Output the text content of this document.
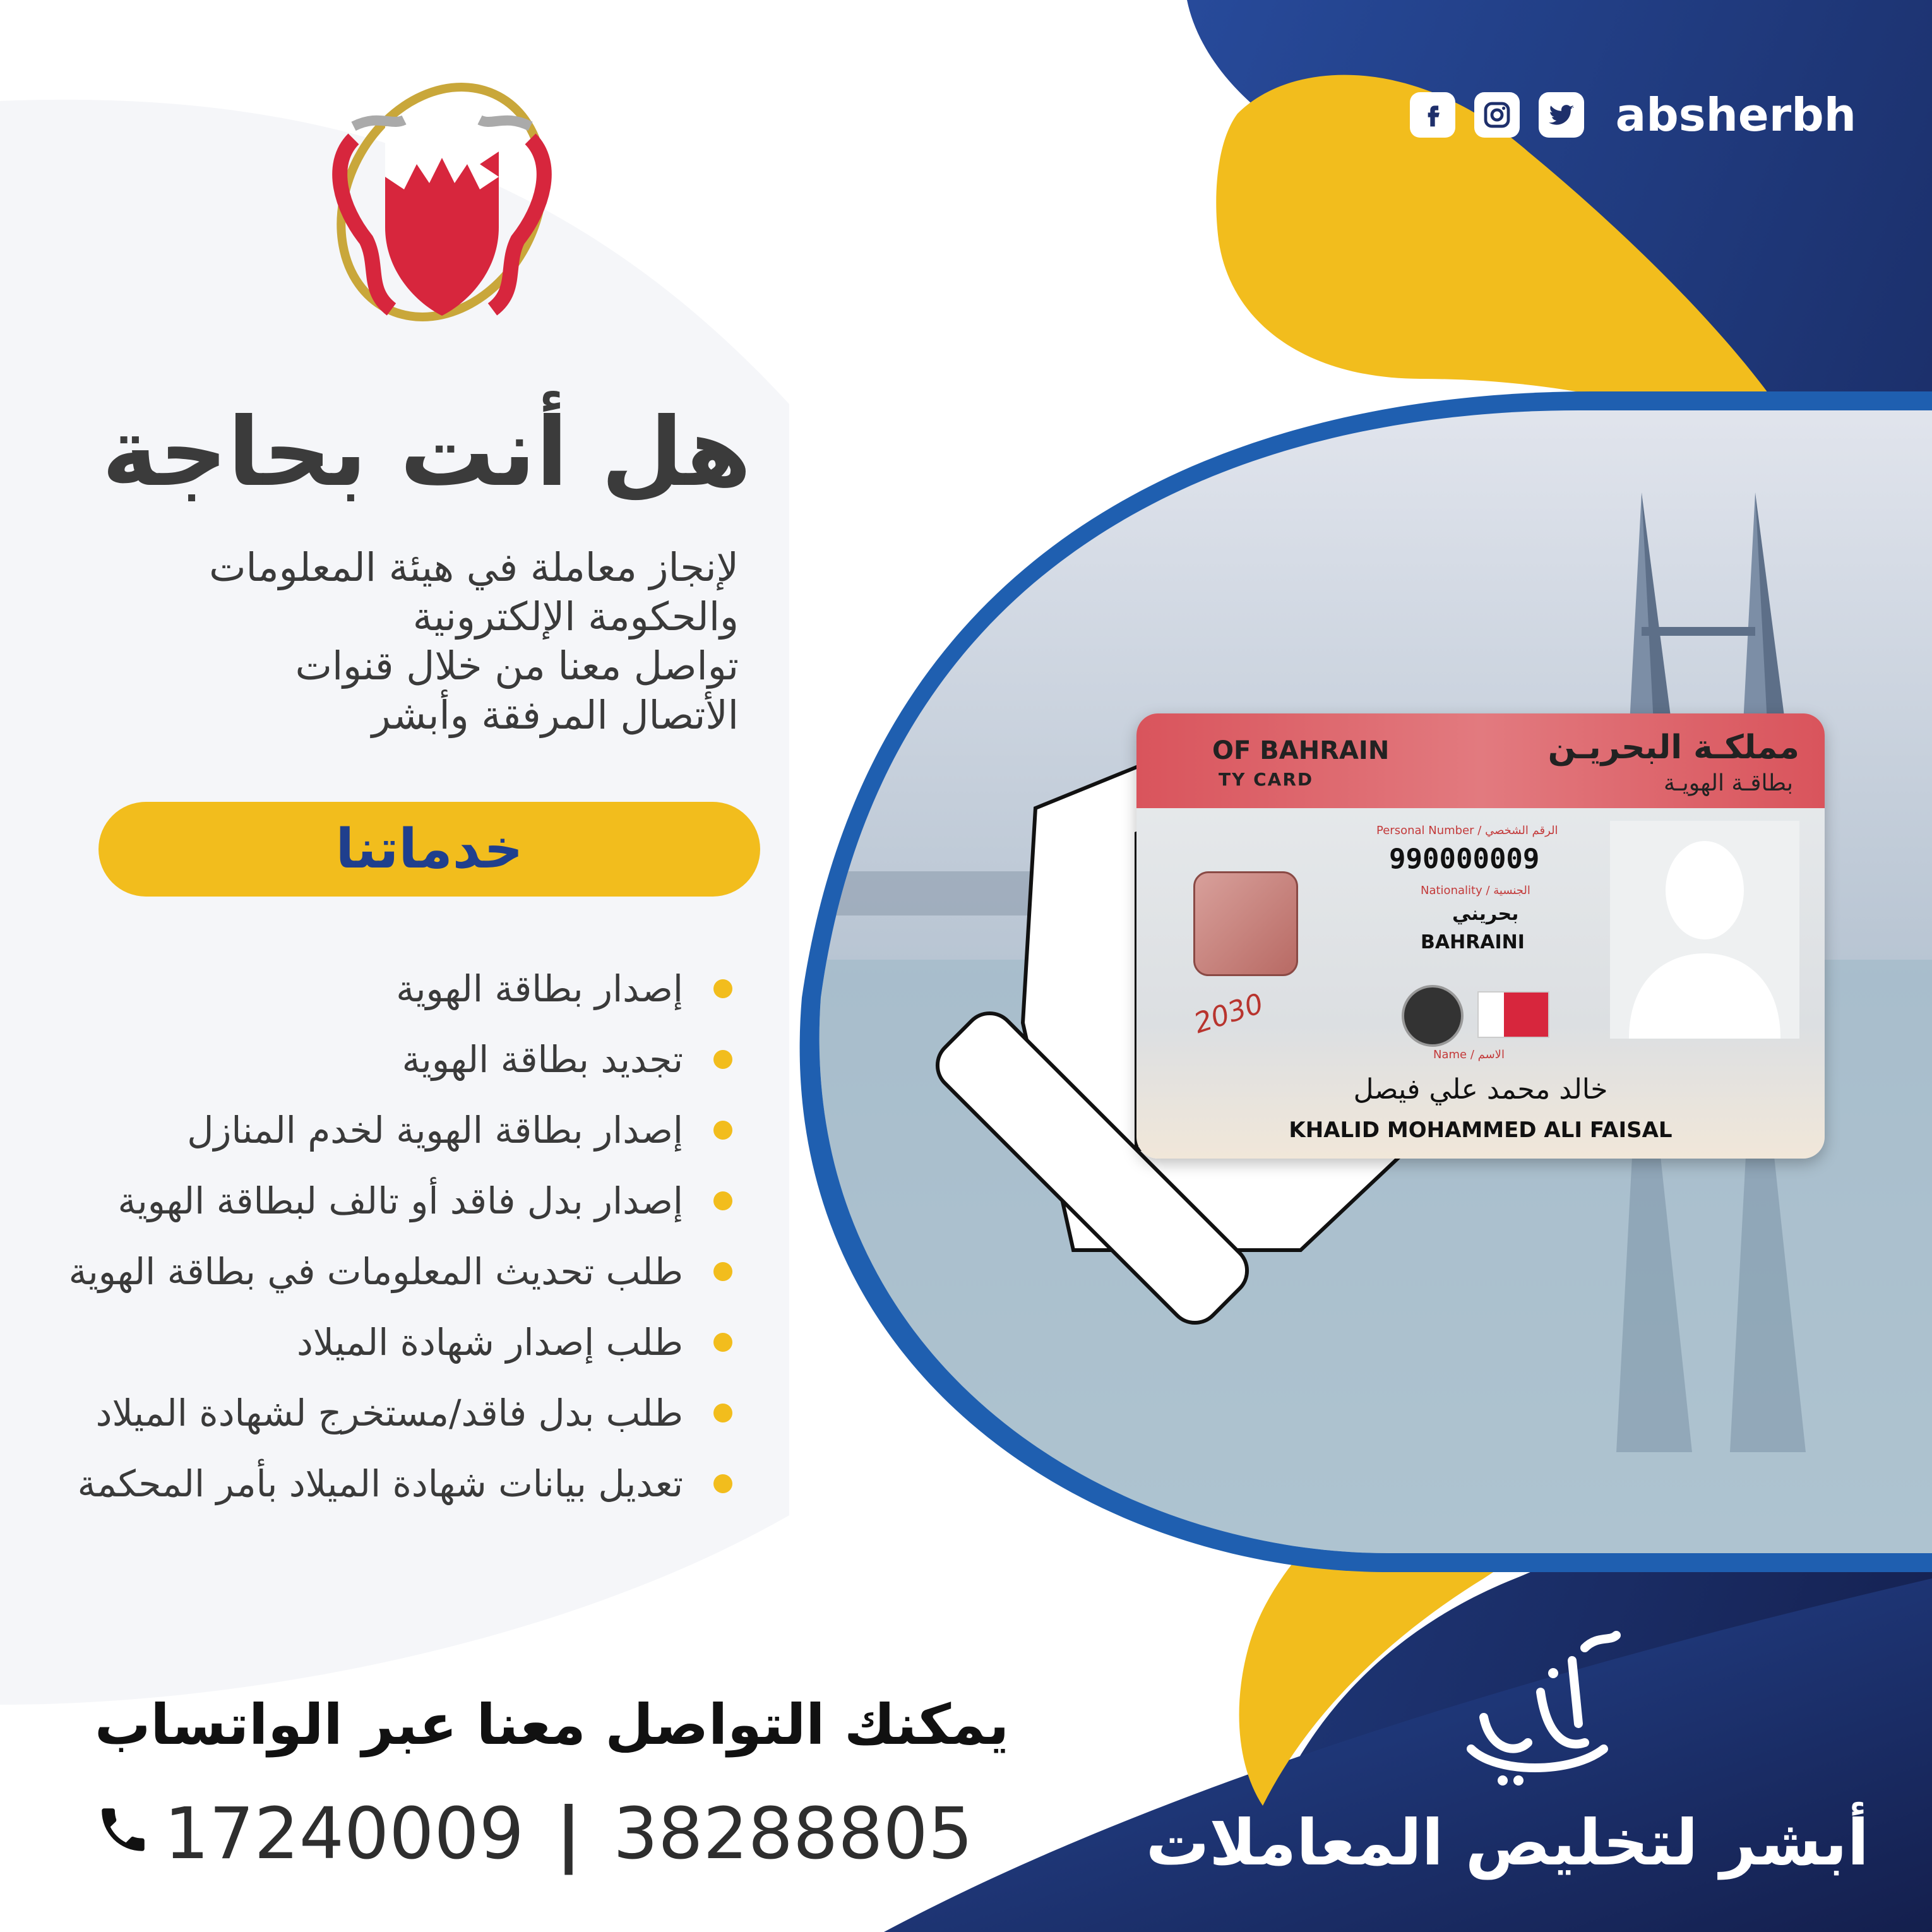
absherbh
هل أنت بحاجة
لإنجاز معاملة في هيئة المعلومات
والحكومة الإلكترونية
تواصل معنا من خلال قنوات
الأتصال المرفقة وأبشر
خدماتنا
إصدار بطاقة الهوية
تجديد بطاقة الهوية
إصدار بطاقة الهوية لخدم المنازل
إصدار بدل فاقد أو تالف لبطاقة الهوية
طلب تحديث المعلومات في بطاقة الهوية
طلب إصدار شهادة الميلاد
طلب بدل فاقد/مستخرج لشهادة الميلاد
تعديل بيانات شهادة الميلاد بأمر المحكمة
يمكنك التواصل معنا عبر الواتساب
17240009 | 38288805	أبشر لتخليص المعاملات
OF BAHRAIN
TY CARD
مملكـة البحريـن
بطاقـة الهويـة
2030
Personal Number / الرقم الشخصي
990000009
Nationality / الجنسية
بحريني
BAHRAINI
Name / الاسم
خالد محمد علي فيصل
KHALID MOHAMMED ALI FAISAL
